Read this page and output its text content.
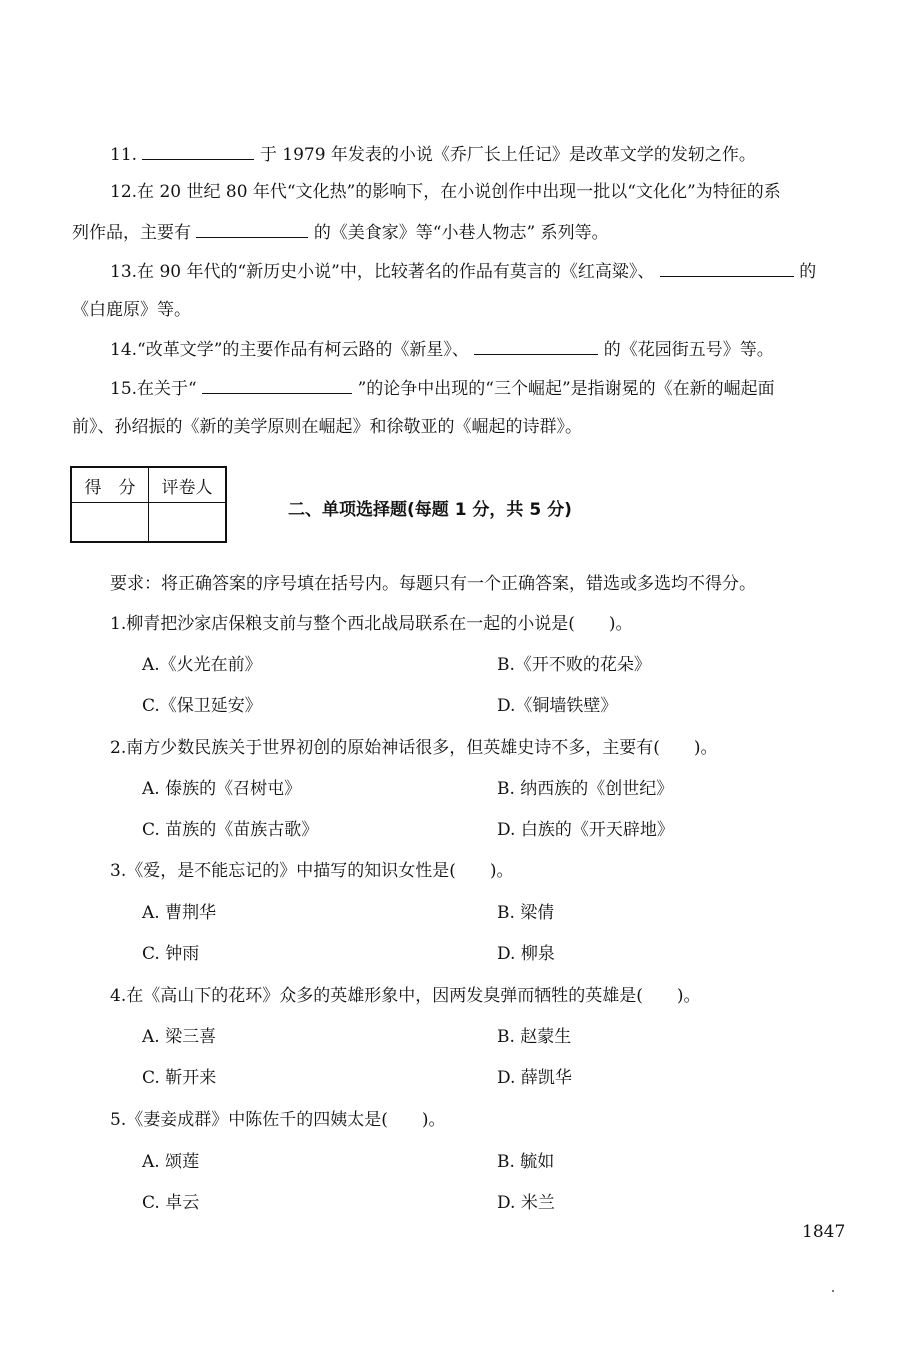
11.	于 1979 年发表的小说《乔厂长上任记》是改革文学的发轫之作。
12.在 20 世纪 80 年代“文化热”的影响下，在小说创作中出现一批以“文化化”为特征的系
列作品，主要有	的《美食家》等“小巷人物志” 系列等。
13.在 90 年代的“新历史小说”中，比较著名的作品有莫言的《红高粱》、	的
《白鹿原》等。
14.“改革文学”的主要作品有柯云路的《新星》、	的《花园街五号》等。
15.在关于“	”的论争中出现的“三个崛起”是指谢冕的《在新的崛起面
前》、孙绍振的《新的美学原则在崛起》和徐敬亚的《崛起的诗群》。
得　分	评卷人

二、单项选择题(每题 1 分，共 5 分)
要求：将正确答案的序号填在括号内。每题只有一个正确答案，错选或多选均不得分。
1.柳青把沙家店保粮支前与整个西北战局联系在一起的小说是(　　)。
A.《火光在前》	B.《开不败的花朵》
C.《保卫延安》	D.《铜墙铁壁》
2.南方少数民族关于世界初创的原始神话很多，但英雄史诗不多，主要有(　　)。
A. 傣族的《召树屯》	B. 纳西族的《创世纪》
C. 苗族的《苗族古歌》	D. 白族的《开天辟地》
3.《爱，是不能忘记的》中描写的知识女性是(　　)。
A. 曹荆华	B. 梁倩
C. 钟雨	D. 柳泉
4.在《高山下的花环》众多的英雄形象中，因两发臭弹而牺牲的英雄是(　　)。
A. 梁三喜	B. 赵蒙生
C. 靳开来	D. 薛凯华
5.《妻妾成群》中陈佐千的四姨太是(　　)。
A. 颂莲	B. 毓如
C. 卓云	D. 米兰
1847
